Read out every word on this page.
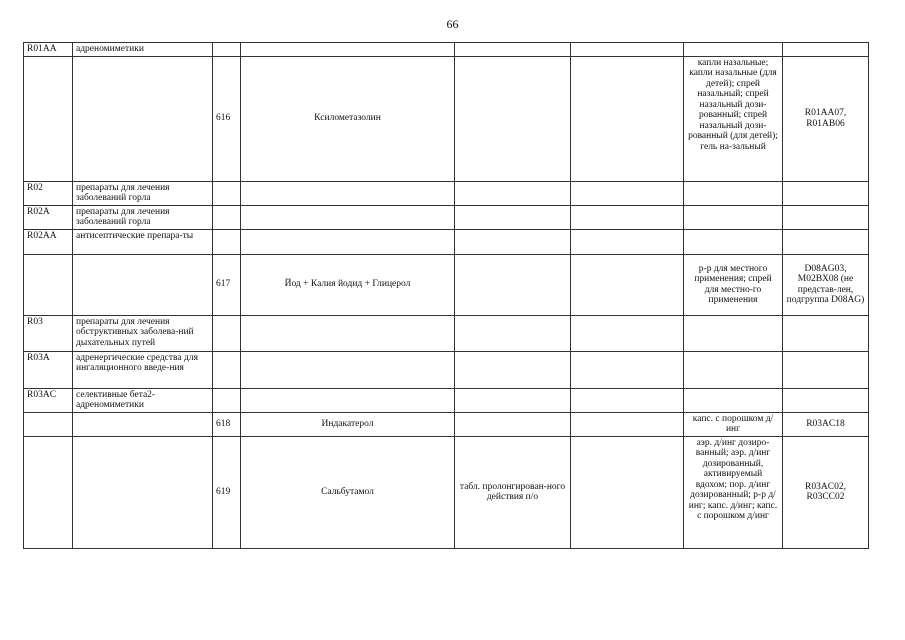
66
R01AA	адреномиметики						
		616	Ксилометазолин			капли назальные; капли назальные (для детей); спрей назальный; спрей назальный дози-рованный; спрей назальный дози-рованный (для детей); гель на-зальный	R01AA07, R01AB06
R02	препараты для лечения заболеваний горла						
R02A	препараты для лечения заболеваний горла						
R02AA	антисептические препара-ты						
		617	Йод + Калия йодид + Глицерол			р-р для местного применения; спрей для местно-го применения	D08AG03, M02BX08 (не представ-лен, подгруппа D08AG)
R03	препараты для лечения обструктивных заболева-ний дыхательных путей						
R03A	адренергические средства для ингаляционного введе-ния						
R03AC	селективные бета2-адреномиметики						
		618	Индакатерол			капс. с порошком д/инг	R03AC18
		619	Сальбутамол	табл. пролонгирован-ного действия п/о		аэр. д/инг дозиро-ванный; аэр. д/инг дозированный, активируемый вдохом; пор. д/инг дозированный; р-р д/инг; капс. д/инг; капс. с порошком д/инг	R03AC02, R03CC02
